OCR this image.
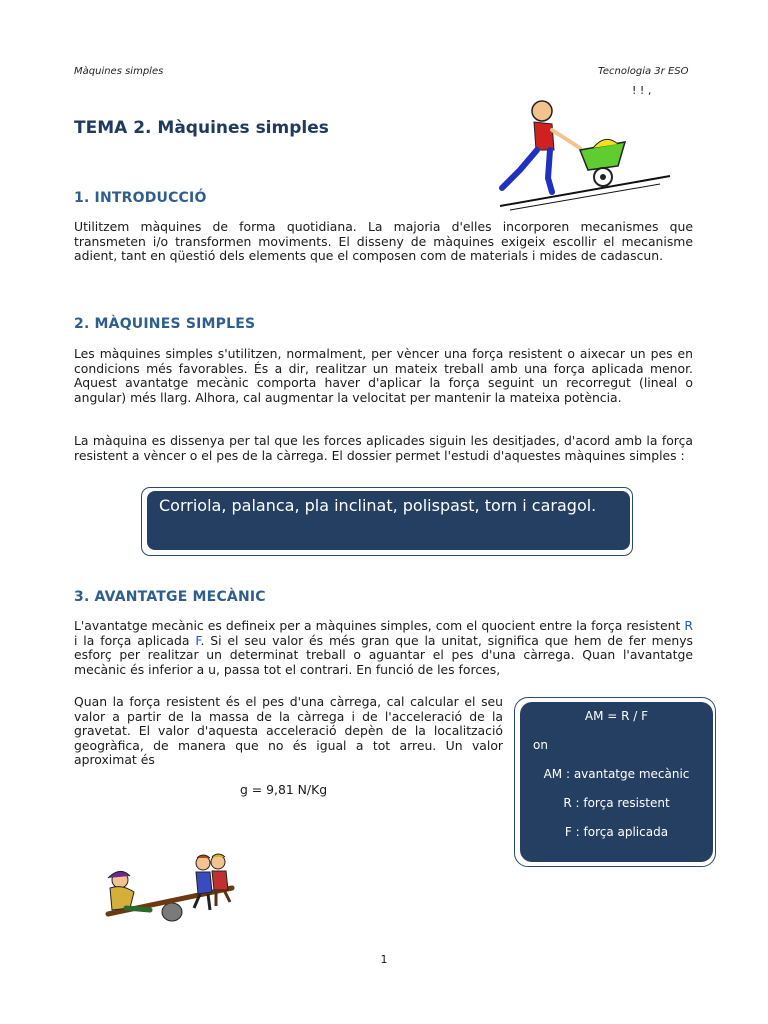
Màquines simples	Tecnologia 3r ESO
TEMA 2. Màquines simples
! ! ,
1. INTRODUCCIÓ

Utilitzem màquines de forma quotidiana. La majoria d'elles incorporen mecanismes que transmeten i/o transformen moviments. El disseny de màquines exigeix escollir el mecanisme adient, tant en qüestió dels elements que el composen com de materials i mides de cadascun.

2. MÀQUINES SIMPLES

Les màquines simples s'utilitzen, normalment, per vèncer una força resistent o aixecar un pes en condicions més favorables. És a dir, realitzar un mateix treball amb una força aplicada menor. Aquest avantatge mecànic comporta haver d'aplicar la força seguint un recorregut (lineal o angular) més llarg. Alhora, cal augmentar la velocitat per mantenir la mateixa potència.

La màquina es dissenya per tal que les forces aplicades siguin les desitjades, d'acord amb la força resistent a vèncer o el pes de la càrrega. El dossier permet l'estudi d'aquestes màquines simples :

Corriola, palanca, pla inclinat, polispast, torn i caragol.
3. AVANTATGE MECÀNIC

L'avantatge mecànic es defineix per a màquines simples, com el quocient entre la força resistent R i la força aplicada F. Si el seu valor és més gran que la unitat, significa que hem de fer menys esforç per realitzar un determinat treball o aguantar el pes d'una càrrega. Quan l'avantatge mecànic és inferior a u, passa tot el contrari. En funció de les forces,

Quan la força resistent és el pes d'una càrrega, cal calcular el seu valor a partir de la massa de la càrrega i de l'acceleració de la gravetat. El valor d'aquesta acceleració depèn de la localització geogràfica, de manera que no és igual a tot arreu. Un valor aproximat és

g = 9,81 N/Kg
AM = R / F
on
AM : avantatge mecànic
R : força resistent
F : força aplicada
1
